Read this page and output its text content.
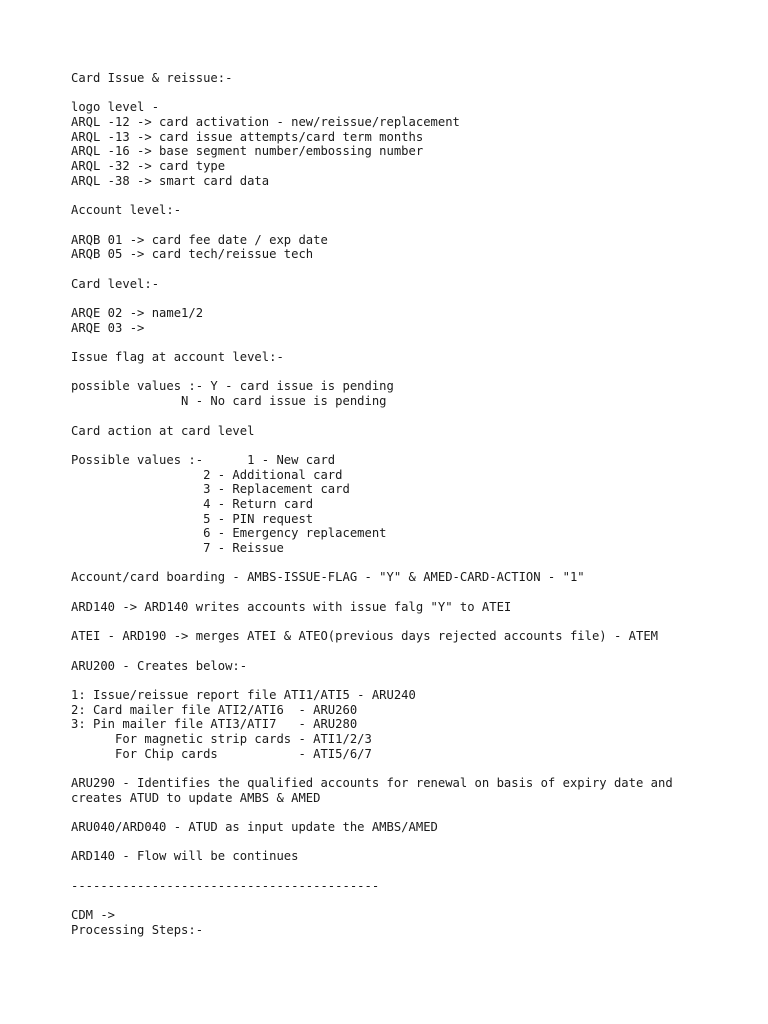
Card Issue & reissue:-
logo level -
ARQL -12 -> card activation - new/reissue/replacement
ARQL -13 -> card issue attempts/card term months
ARQL -16 -> base segment number/embossing number
ARQL -32 -> card type
ARQL -38 -> smart card data
Account level:-
ARQB 01 -> card fee date / exp date
ARQB 05 -> card tech/reissue tech
Card level:-
ARQE 02 -> name1/2
ARQE 03 ->
Issue flag at account level:-
possible values :- Y - card issue is pending
N - No card issue is pending
Card action at card level
Possible values :-      1 - New card
2 - Additional card
3 - Replacement card
4 - Return card
5 - PIN request
6 - Emergency replacement
7 - Reissue
Account/card boarding - AMBS-ISSUE-FLAG - "Y" & AMED-CARD-ACTION - "1"
ARD140 -> ARD140 writes accounts with issue falg "Y" to ATEI
ATEI - ARD190 -> merges ATEI & ATEO(previous days rejected accounts file) - ATEM
ARU200 - Creates below:-
1: Issue/reissue report file ATI1/ATI5 - ARU240
2: Card mailer file ATI2/ATI6  - ARU260
3: Pin mailer file ATI3/ATI7   - ARU280
For magnetic strip cards - ATI1/2/3
For Chip cards           - ATI5/6/7
ARU290 - Identifies the qualified accounts for renewal on basis of expiry date and
creates ATUD to update AMBS & AMED
ARU040/ARD040 - ATUD as input update the AMBS/AMED
ARD140 - Flow will be continues
------------------------------------------
CDM ->
Processing Steps:-
